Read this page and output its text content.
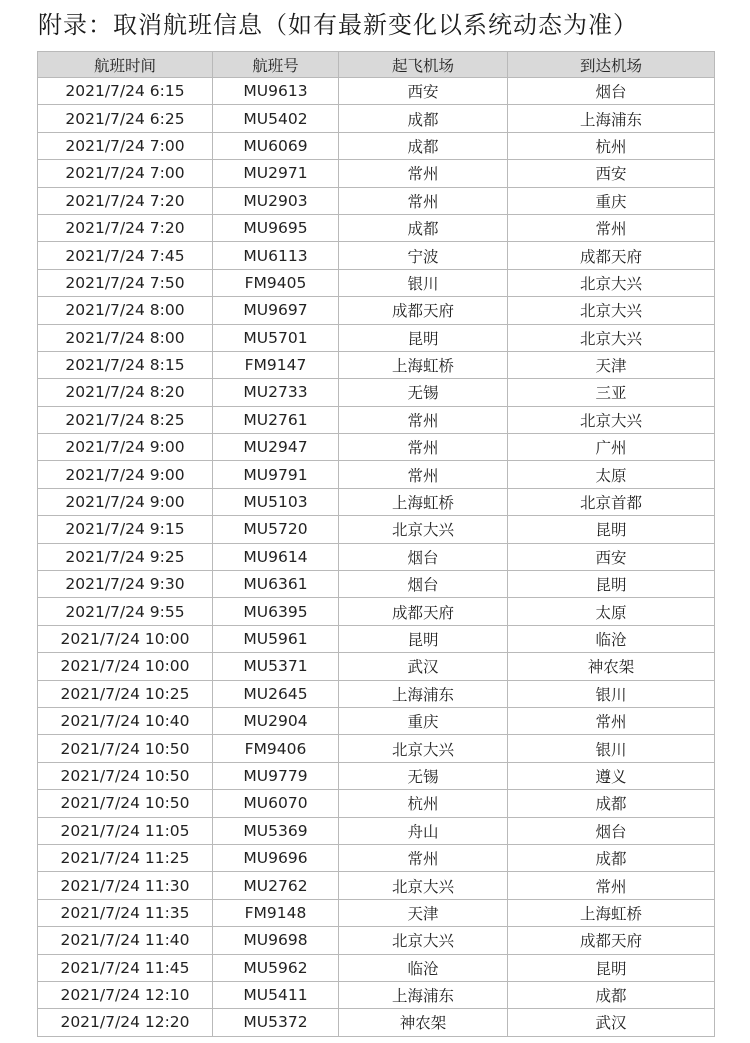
附录：取消航班信息（如有最新变化以系统动态为准）
航班时间	航班号	起飞机场	到达机场
2021/7/24 6:15	MU9613	西安	烟台
2021/7/24 6:25	MU5402	成都	上海浦东
2021/7/24 7:00	MU6069	成都	杭州
2021/7/24 7:00	MU2971	常州	西安
2021/7/24 7:20	MU2903	常州	重庆
2021/7/24 7:20	MU9695	成都	常州
2021/7/24 7:45	MU6113	宁波	成都天府
2021/7/24 7:50	FM9405	银川	北京大兴
2021/7/24 8:00	MU9697	成都天府	北京大兴
2021/7/24 8:00	MU5701	昆明	北京大兴
2021/7/24 8:15	FM9147	上海虹桥	天津
2021/7/24 8:20	MU2733	无锡	三亚
2021/7/24 8:25	MU2761	常州	北京大兴
2021/7/24 9:00	MU2947	常州	广州
2021/7/24 9:00	MU9791	常州	太原
2021/7/24 9:00	MU5103	上海虹桥	北京首都
2021/7/24 9:15	MU5720	北京大兴	昆明
2021/7/24 9:25	MU9614	烟台	西安
2021/7/24 9:30	MU6361	烟台	昆明
2021/7/24 9:55	MU6395	成都天府	太原
2021/7/24 10:00	MU5961	昆明	临沧
2021/7/24 10:00	MU5371	武汉	神农架
2021/7/24 10:25	MU2645	上海浦东	银川
2021/7/24 10:40	MU2904	重庆	常州
2021/7/24 10:50	FM9406	北京大兴	银川
2021/7/24 10:50	MU9779	无锡	遵义
2021/7/24 10:50	MU6070	杭州	成都
2021/7/24 11:05	MU5369	舟山	烟台
2021/7/24 11:25	MU9696	常州	成都
2021/7/24 11:30	MU2762	北京大兴	常州
2021/7/24 11:35	FM9148	天津	上海虹桥
2021/7/24 11:40	MU9698	北京大兴	成都天府
2021/7/24 11:45	MU5962	临沧	昆明
2021/7/24 12:10	MU5411	上海浦东	成都
2021/7/24 12:20	MU5372	神农架	武汉
